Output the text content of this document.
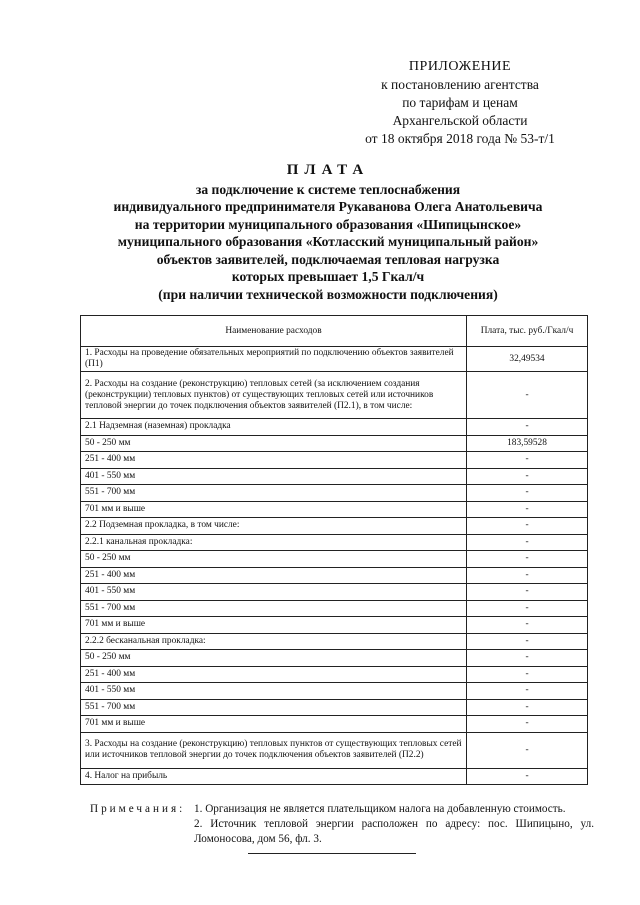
ПРИЛОЖЕНИЕ
к постановлению агентства
по тарифам и ценам
Архангельской области
от 18 октября 2018 года № 53-т/1
ПЛАТА
за подключение к системе теплоснабжения
индивидуального предпринимателя Рукаванова Олега Анатольевича
на территории муниципального образования «Шипицынское»
муниципального образования «Котласский муниципальный район»
объектов заявителей, подключаемая тепловая нагрузка
которых превышает 1,5 Гкал/ч
(при наличии технической возможности подключения)
Наименование расходов	Плата, тыс. руб./Гкал/ч
1. Расходы на проведение обязательных мероприятий по подключению объектов заявителей (П1)	32,49534
2. Расходы на создание (реконструкцию) тепловых сетей (за исключением создания (реконструкции) тепловых пунктов) от существующих тепловых сетей или источников тепловой энергии до точек подключения объектов заявителей (П2.1), в том числе:	-
2.1 Надземная (наземная) прокладка	-
50 - 250 мм	183,59528
251 - 400 мм	-
401 - 550 мм	-
551 - 700 мм	-
701 мм и выше	-
2.2 Подземная прокладка, в том числе:	-
2.2.1 канальная прокладка:	-
50 - 250 мм	-
251 - 400 мм	-
401 - 550 мм	-
551 - 700 мм	-
701 мм и выше	-
2.2.2 бесканальная прокладка:	-
50 - 250 мм	-
251 - 400 мм	-
401 - 550 мм	-
551 - 700 мм	-
701 мм и выше	-
3. Расходы на создание (реконструкцию) тепловых пунктов от существующих тепловых сетей или источников тепловой энергии до точек подключения объектов заявителей (П2.2)	-
4. Налог на прибыль	-
Примечания: 1. Организация не является плательщиком налога на добавленную стоимость.
2. Источник тепловой энергии расположен по адресу: пос. Шипицыно, ул. Ломоносова, дом 56, фл. 3.
